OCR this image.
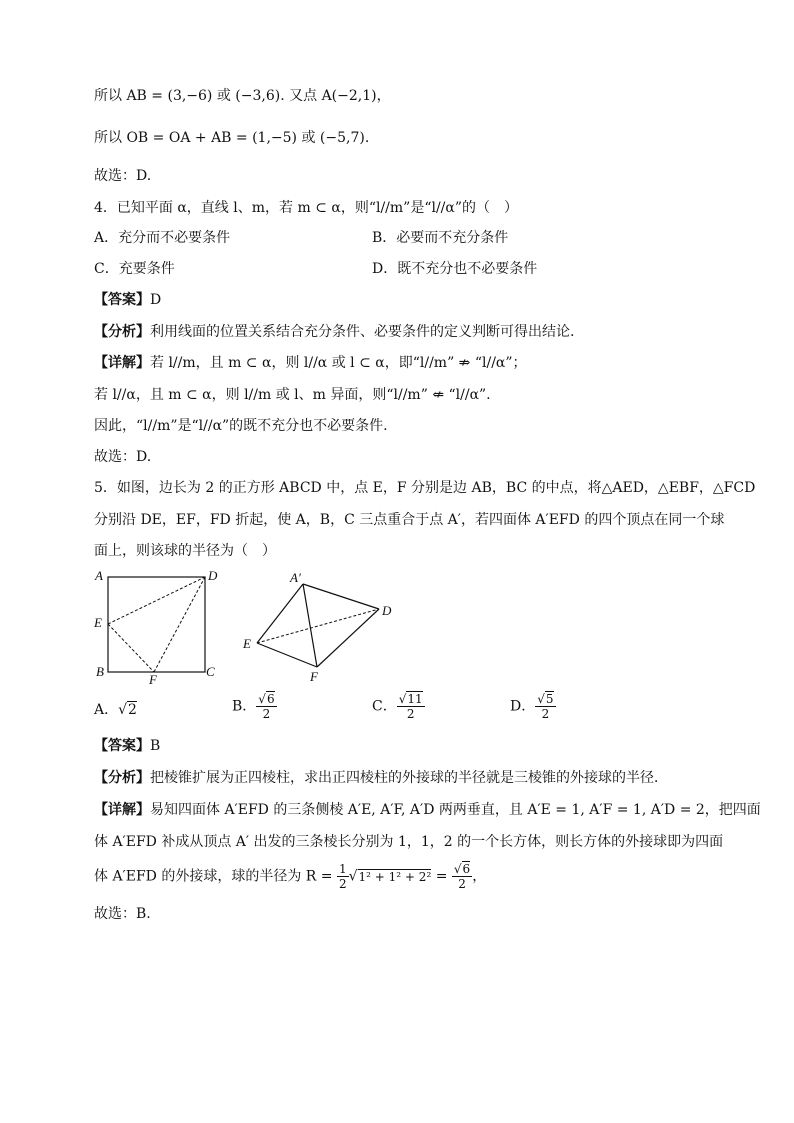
所以 AB = (3,−6) 或 (−3,6). 又点 A(−2,1)，
所以 OB = OA + AB = (1,−5) 或 (−5,7).
故选：D.
4．已知平面 α，直线 l、m，若 m ⊂ α，则“l//m”是“l//α”的（　）
A．充分而不必要条件	B．必要而不充分条件
C．充要条件	D．既不充分也不必要条件
【答案】D
【分析】利用线面的位置关系结合充分条件、必要条件的定义判断可得出结论.
【详解】若 l//m，且 m ⊂ α，则 l//α 或 l ⊂ α，即“l//m” ⇏ “l//α”；
若 l//α，且 m ⊂ α，则 l//m 或 l、m 异面，则“l//m” ⇍ “l//α”.
因此，“l//m”是“l//α”的既不充分也不必要条件.
故选：D.
5．如图，边长为 2 的正方形 ABCD 中，点 E，F 分别是边 AB，BC 的中点，将△AED，△EBF，△FCD
分别沿 DE，EF，FD 折起，使 A，B，C 三点重合于点 A′，若四面体 A′EFD 的四个顶点在同一个球
面上，则该球的半径为（　）
A	D
E
B
F
C
A′
D
E
F
A．√2	B． $\frac{√6}{2}$	C． $\frac{√11}{2}$	D． $\frac{√5}{2}$
【答案】B
【分析】把棱锥扩展为正四棱柱，求出正四棱柱的外接球的半径就是三棱锥的外接球的半径．
【详解】易知四面体 A′EFD 的三条侧棱 A′E, A′F, A′D 两两垂直，且 A′E = 1, A′F = 1, A′D = 2，把四面
体 A′EFD 补成从顶点 A′ 出发的三条棱长分别为 1，1，2 的一个长方体，则长方体的外接球即为四面
体 A′EFD 的外接球，球的半径为 $R = \frac{1}{2} √1^2 + 1^2 + 2^2 = \frac{√6}{2}$ ，
故选：B.
